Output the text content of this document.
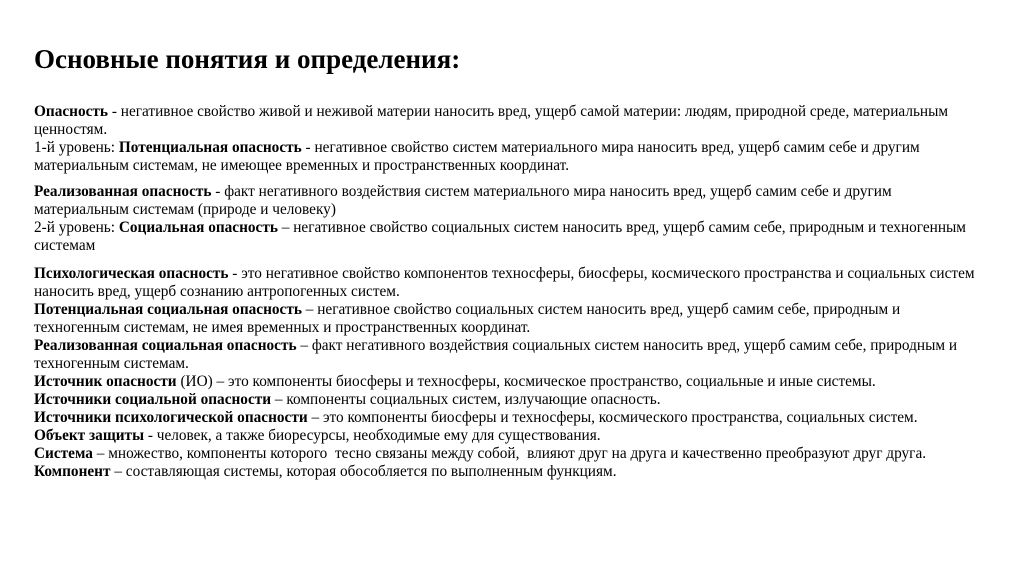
Основные понятия и определения:

Опасность - негативное свойство живой и неживой материи наносить вред, ущерб самой материи: людям, природной среде, материальным ценностям.

1-й уровень: Потенциальная опасность - негативное свойство систем материального мира наносить вред, ущерб самим себе и другим материальным системам, не имеющее временных и пространственных координат.

Реализованная опасность - факт негативного воздействия систем материального мира наносить вред, ущерб самим себе и другим материальным системам (природе и человеку)

2-й уровень: Социальная опасность – негативное свойство социальных систем наносить вред, ущерб самим себе, природным и техногенным системам

Психологическая опасность - это негативное свойство компонентов техносферы, биосферы, космического пространства и социальных систем наносить вред, ущерб сознанию антропогенных систем.

Потенциальная социальная опасность – негативное свойство социальных систем наносить вред, ущерб самим себе, природным и техногенным системам, не имея временных и пространственных координат.

Реализованная социальная опасность – факт негативного воздействия социальных систем наносить вред, ущерб самим себе, природным и техногенным системам.

Источник опасности (ИО) – это компоненты биосферы и техносферы, космическое пространство, социальные и иные системы.

Источники социальной опасности – компоненты социальных систем, излучающие опасность.

Источники психологической опасности – это компоненты биосферы и техносферы, космического пространства, социальных систем.

Объект защиты - человек, а также биоресурсы, необходимые ему для существования.

Система – множество, компоненты которого  тесно связаны между собой,  влияют друг на друга и качественно преобразуют друг друга.

Компонент – составляющая системы, которая обособляется по выполненным функциям.
